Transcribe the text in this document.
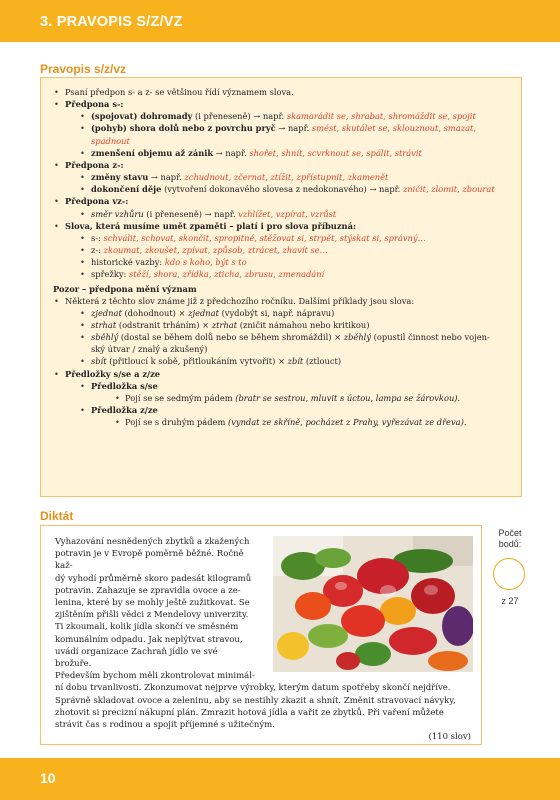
3. PRAVOPIS S/Z/VZ
Pravopis s/z/vz
• Psaní předpon s- a z- se většinou řídí významem slova.
• Předpona s-:
• (spojovat) dohromady (i přeneseně) → např. skamarádit se, shrabat, shromáždit se, spojit
• (pohyb) shora dolů nebo z povrchu pryč → např. smést, skutálet se, sklouznout, smazat,
spadnout
• zmenšení objemu až zánik → např. shořet, shnít, scvrknout se, spálit, strávit
• Předpona z-:
• změny stavu → např. zchudnout, zčernat, ztížit, zpřístupnit, zkamenět
• dokončení děje (vytvoření dokonavého slovesa z nedokonavého) → např. zničit, zlomit, zbourat
• Předpona vz-:
• směr vzhůru (i přeneseně) → např. vzhlížet, vzpírat, vzrůst
• Slova, která musíme umět zpaměti – platí i pro slova příbuzná:
• s-: schválit, schovat, skončit, spropitné, stěžovat si, strpět, stýskat si, správný…
• z-: zkoumat, zkoušet, zpívat, způsob, ztrácet, zhavít se…
• historické vazby: kdo s koho, být s to
• spřežky: stěží, shora, zřídka, zticha, zbrusu, zmenadání
Pozor – předpona mění význam
• Některá z těchto slov známe již z předchozího ročníku. Dalšími příklady jsou slova:
• zjednat (dohodnout) × zjednat (vydobýt si, např. nápravu)
• strhat (odstranit trháním) × ztrhat (zničit námahou nebo kritikou)
• sběhlý (dostal se během dolů nebo se během shromáždil) × zběhlý (opustil činnost nebo vojen-
ský útvar / znalý a zkušený)
• sbít (přitloucí k sobě, přitloukáním vytvořit) × zbít (ztlouct)
• Předložky s/se a z/ze
• Předložka s/se
• Pojí se se sedmým pádem (bratr se sestrou, mluvit s úctou, lampa se žárovkou).
• Předložka z/ze
• Pojí se s druhým pádem (vyndat ze skříně, pocházet z Prahy, vyřezávat ze dřeva).
Diktát
Vyhazování nesnědených zbytků a zkažených
potravin je v Evropě poměrně běžné. Ročně kaž-
dý vyhodí průměrně skoro padesát kilogramů
potravin. Zahazuje se zpravidla ovoce a ze-
lenina, které by se mohly ještě zužitkovat. Se
zjištěním přišli vědci z Mendelovy univerzity.
Ti zkoumali, kolik jídla skončí ve směsném
komunálním odpadu. Jak neplýtvat stravou,
uvádí organizace Zachraň jídlo ve své brožuře.
Především bychom měli zkontrolovat minimál-
ní dobu trvanlivosti. Zkonzumovat nejprve výrobky, kterým datum spotřeby skončí nejdříve.
Správně skladovat ovoce a zeleninu, aby se nestihly zkazit a shnít. Změnit stravovací návyky,
zhotovit si precizní nákupní plán. Zmrazit hotová jídla a vařit ze zbytků. Při vaření můžete
strávit čas s rodinou a spojit příjemné s užitečným.
(110 slov)
Počet
bodů:
z 27
10
